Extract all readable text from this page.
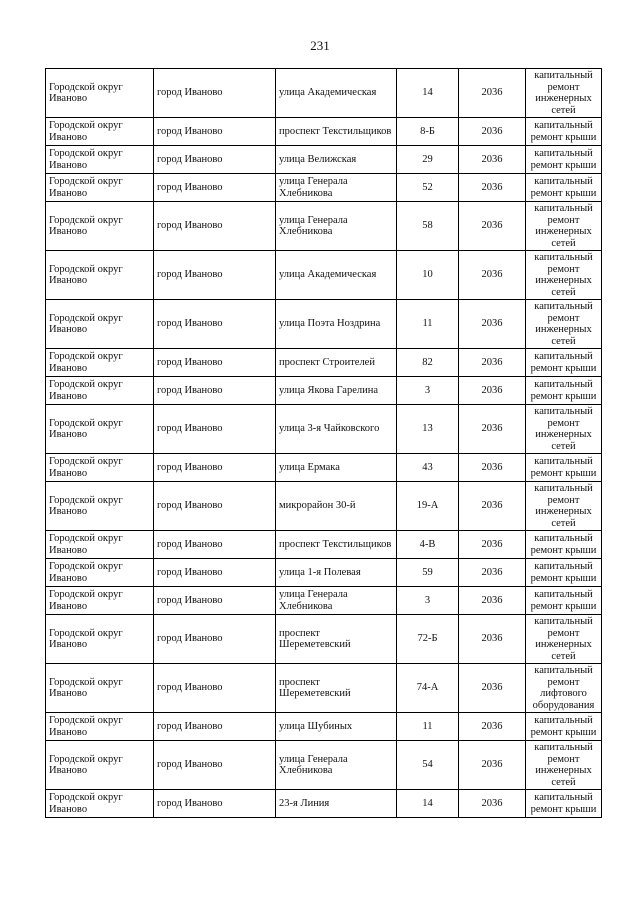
231
Городской округ Иваново	город Иваново	улица Академическая	14	2036	капитальный ремонт инженерных сетей
Городской округ Иваново	город Иваново	проспект Текстильщиков	8-Б	2036	капитальный ремонт крыши
Городской округ Иваново	город Иваново	улица Велижская	29	2036	капитальный ремонт крыши
Городской округ Иваново	город Иваново	улица Генерала Хлебникова	52	2036	капитальный ремонт крыши
Городской округ Иваново	город Иваново	улица Генерала Хлебникова	58	2036	капитальный ремонт инженерных сетей
Городской округ Иваново	город Иваново	улица Академическая	10	2036	капитальный ремонт инженерных сетей
Городской округ Иваново	город Иваново	улица Поэта Ноздрина	11	2036	капитальный ремонт инженерных сетей
Городской округ Иваново	город Иваново	проспект Строителей	82	2036	капитальный ремонт крыши
Городской округ Иваново	город Иваново	улица Якова Гарелина	3	2036	капитальный ремонт крыши
Городской округ Иваново	город Иваново	улица 3-я Чайковского	13	2036	капитальный ремонт инженерных сетей
Городской округ Иваново	город Иваново	улица Ермака	43	2036	капитальный ремонт крыши
Городской округ Иваново	город Иваново	микрорайон 30-й	19-А	2036	капитальный ремонт инженерных сетей
Городской округ Иваново	город Иваново	проспект Текстильщиков	4-В	2036	капитальный ремонт крыши
Городской округ Иваново	город Иваново	улица 1-я Полевая	59	2036	капитальный ремонт крыши
Городской округ Иваново	город Иваново	улица Генерала Хлебникова	3	2036	капитальный ремонт крыши
Городской округ Иваново	город Иваново	проспект Шереметевский	72-Б	2036	капитальный ремонт инженерных сетей
Городской округ Иваново	город Иваново	проспект Шереметевский	74-А	2036	капитальный ремонт лифтового оборудования
Городской округ Иваново	город Иваново	улица Шубиных	11	2036	капитальный ремонт крыши
Городской округ Иваново	город Иваново	улица Генерала Хлебникова	54	2036	капитальный ремонт инженерных сетей
Городской округ Иваново	город Иваново	23-я Линия	14	2036	капитальный ремонт крыши
